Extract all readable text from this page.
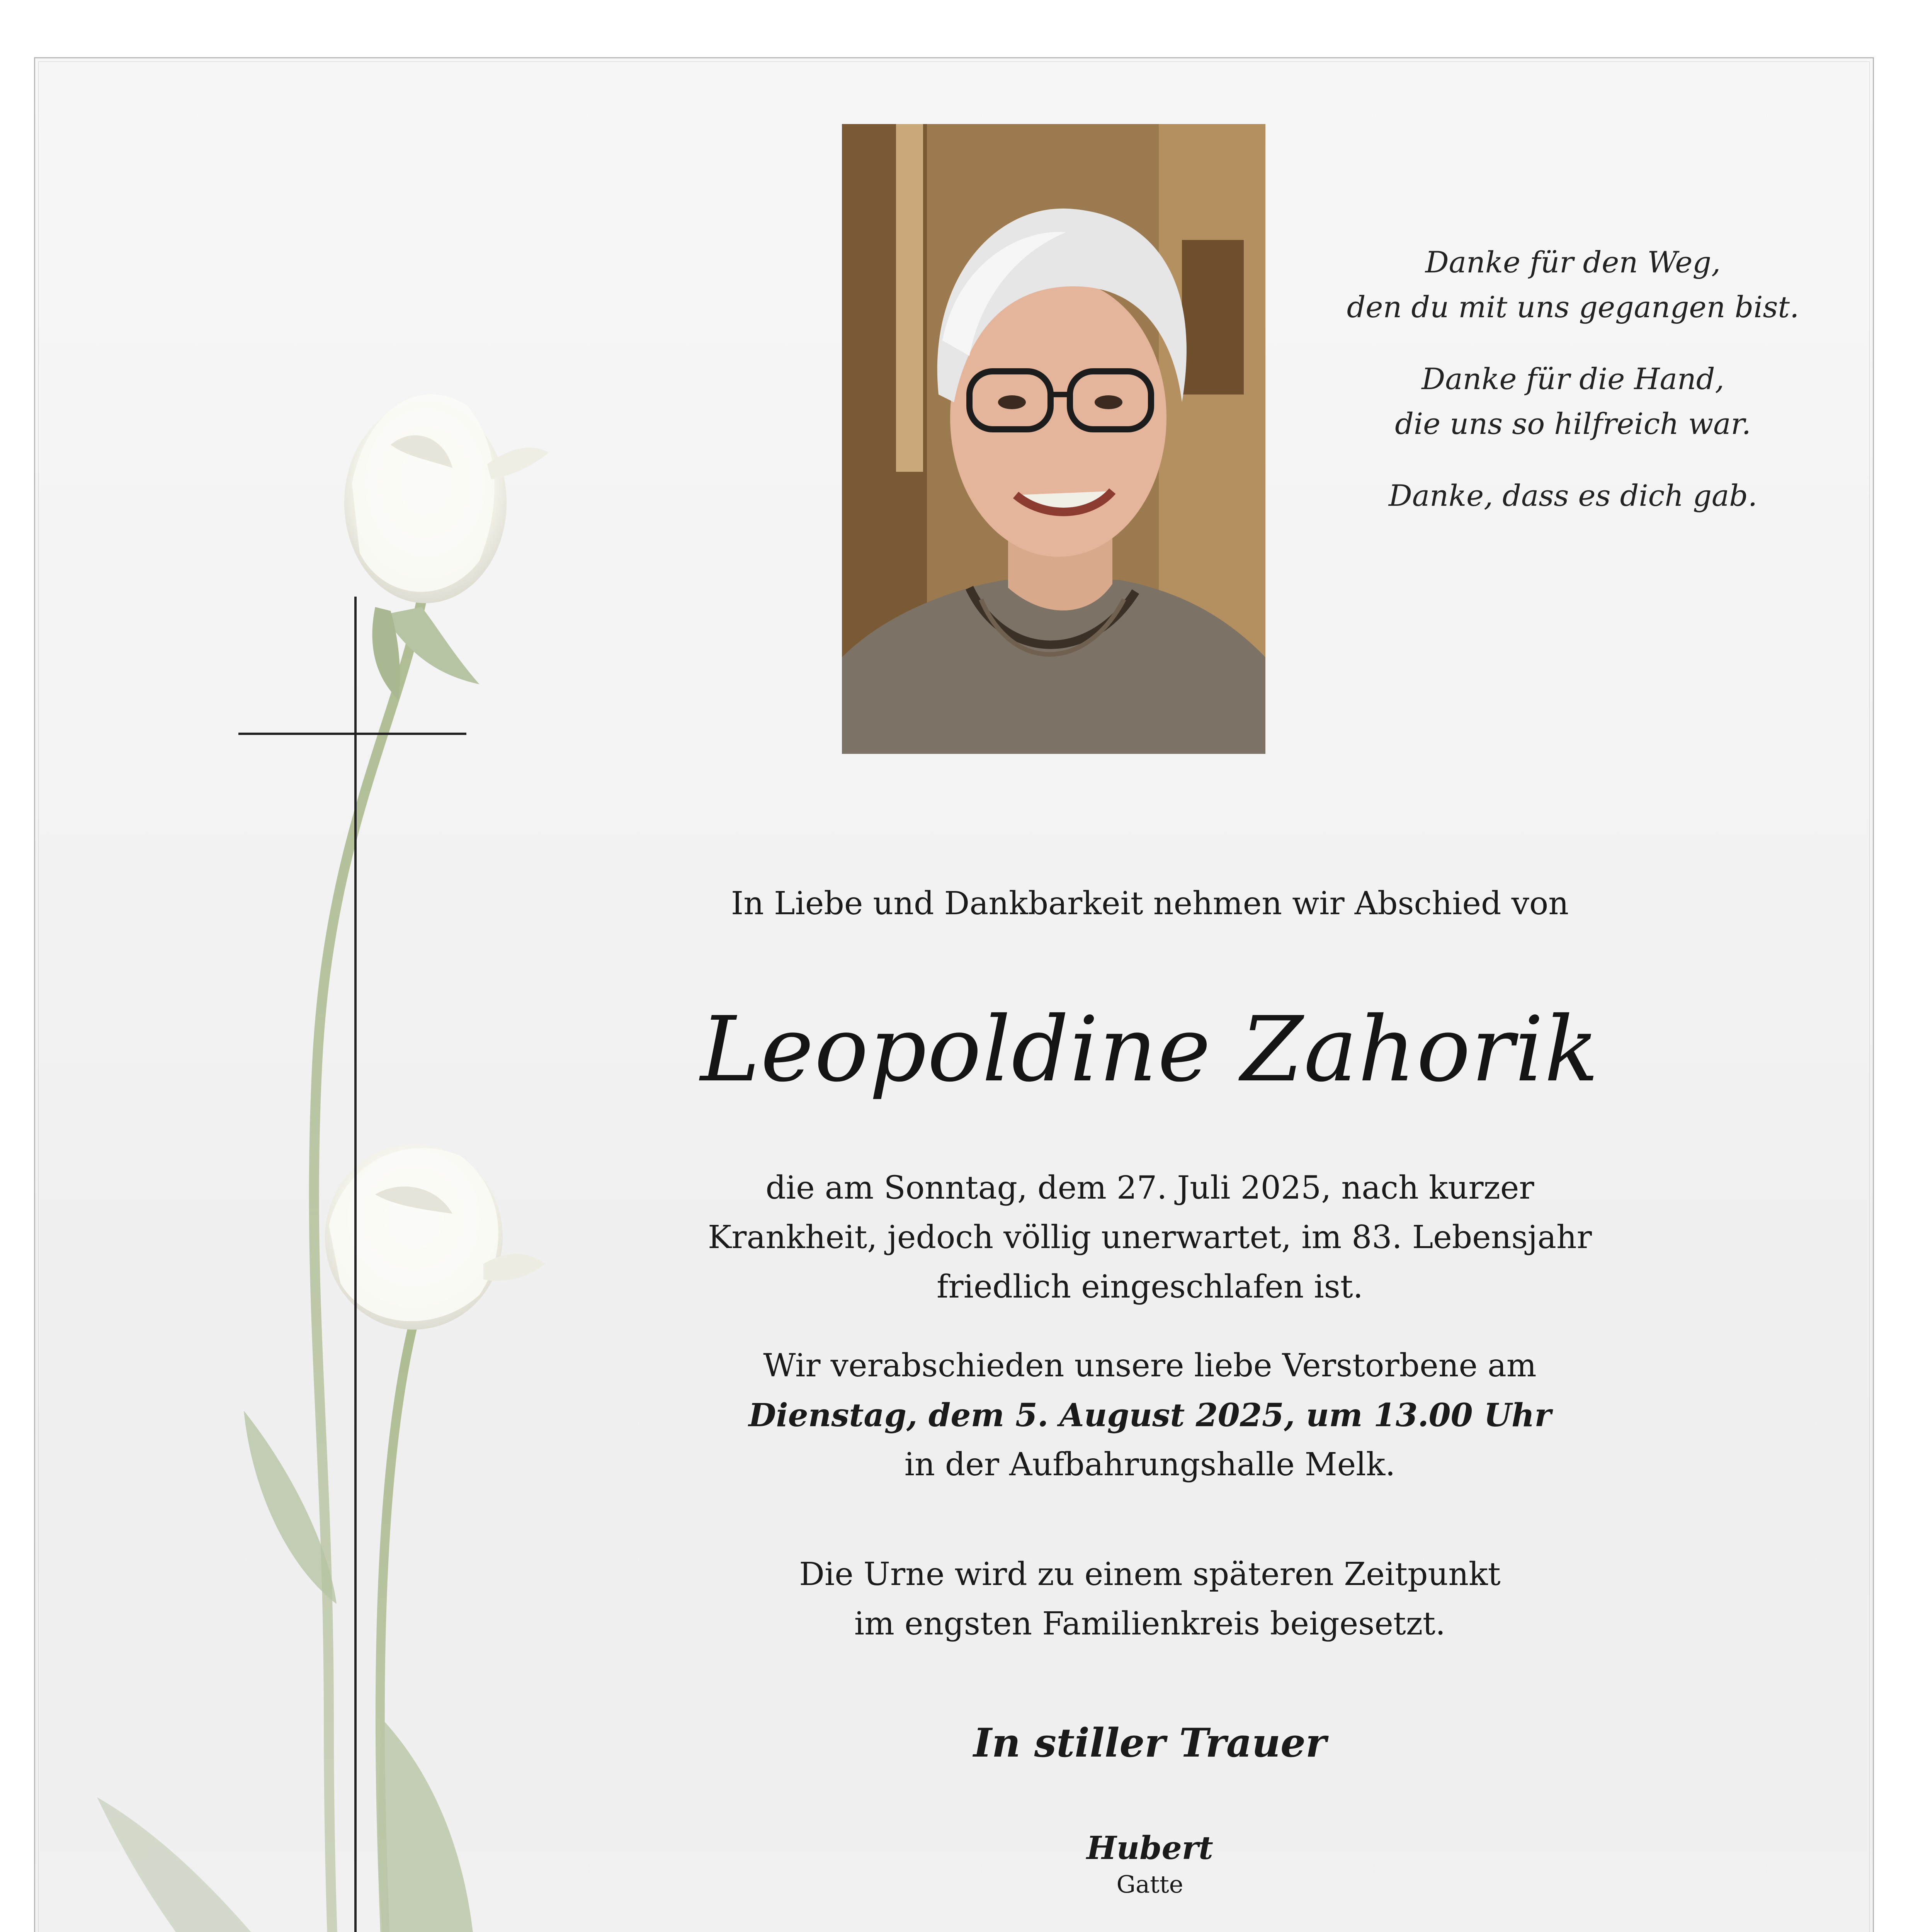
Danke für den Weg,
den du mit uns gegangen bist.

Danke für die Hand,
die uns so hilfreich war.

Danke, dass es dich gab.

In Liebe und Dankbarkeit nehmen wir Abschied von
Leopoldine Zahorik
die am Sonntag, dem 27. Juli 2025, nach kurzer
Krankheit, jedoch völlig unerwartet, im 83. Lebensjahr
friedlich eingeschlafen ist.
Wir verabschieden unsere liebe Verstorbene am
Dienstag, dem 5. August 2025, um 13.00 Uhr
in der Aufbahrungshalle Melk.
Die Urne wird zu einem späteren Zeitpunkt
im engsten Familienkreis beigesetzt.
In stiller Trauer
Hubert
Gatte
